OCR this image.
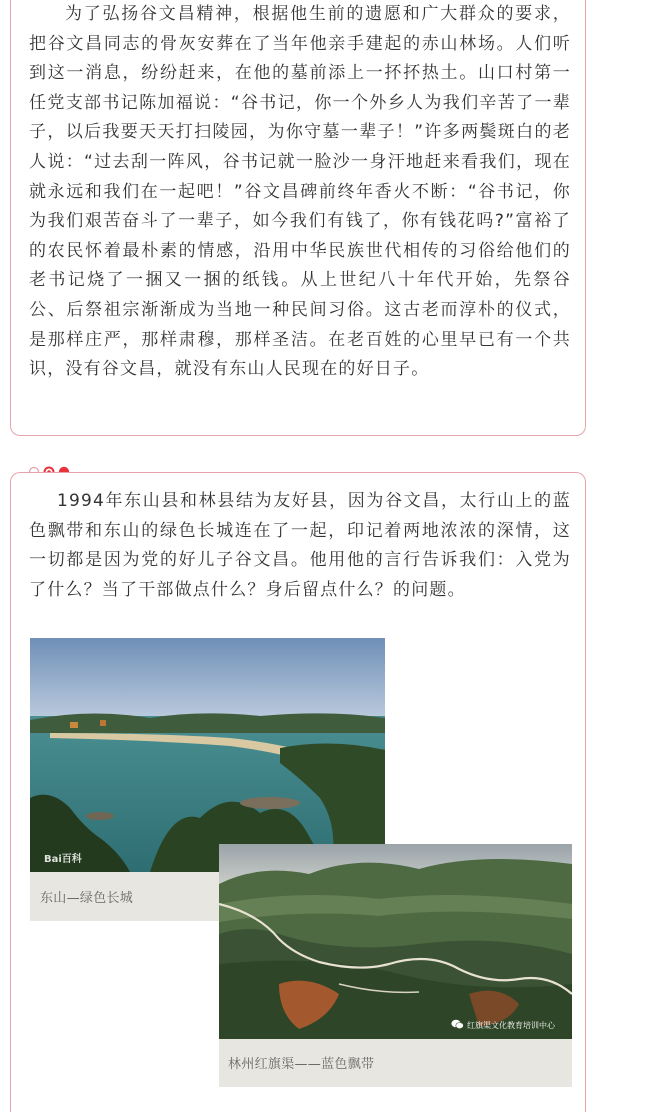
为了弘扬谷文昌精神，根据他生前的遗愿和广大群众的要求，把谷文昌同志的骨灰安葬在了当年他亲手建起的赤山林场。人们听到这一消息，纷纷赶来，在他的墓前添上一抔抔热土。山口村第一任党支部书记陈加福说：“谷书记，你一个外乡人为我们辛苦了一辈子，以后我要天天打扫陵园，为你守墓一辈子！”许多两鬓斑白的老人说：“过去刮一阵风，谷书记就一脸沙一身汗地赶来看我们，现在就永远和我们在一起吧！”谷文昌碑前终年香火不断：“谷书记，你为我们艰苦奋斗了一辈子，如今我们有钱了，你有钱花吗?”富裕了的农民怀着最朴素的情感，沿用中华民族世代相传的习俗给他们的老书记烧了一捆又一捆的纸钱。从上世纪八十年代开始，先祭谷公、后祭祖宗渐渐成为当地一种民间习俗。这古老而淳朴的仪式，是那样庄严，那样肃穆，那样圣洁。在老百姓的心里早已有一个共识，没有谷文昌，就没有东山人民现在的好日子。

1994年东山县和林县结为友好县，因为谷文昌，太行山上的蓝色飘带和东山的绿色长城连在了一起，印记着两地浓浓的深情，这一切都是因为党的好儿子谷文昌。他用他的言行告诉我们：入党为了什么？当了干部做点什么？身后留点什么？的问题。

Bai百科
东山—绿色长城
红旗渠文化教育培训中心
林州红旗渠——蓝色飘带
